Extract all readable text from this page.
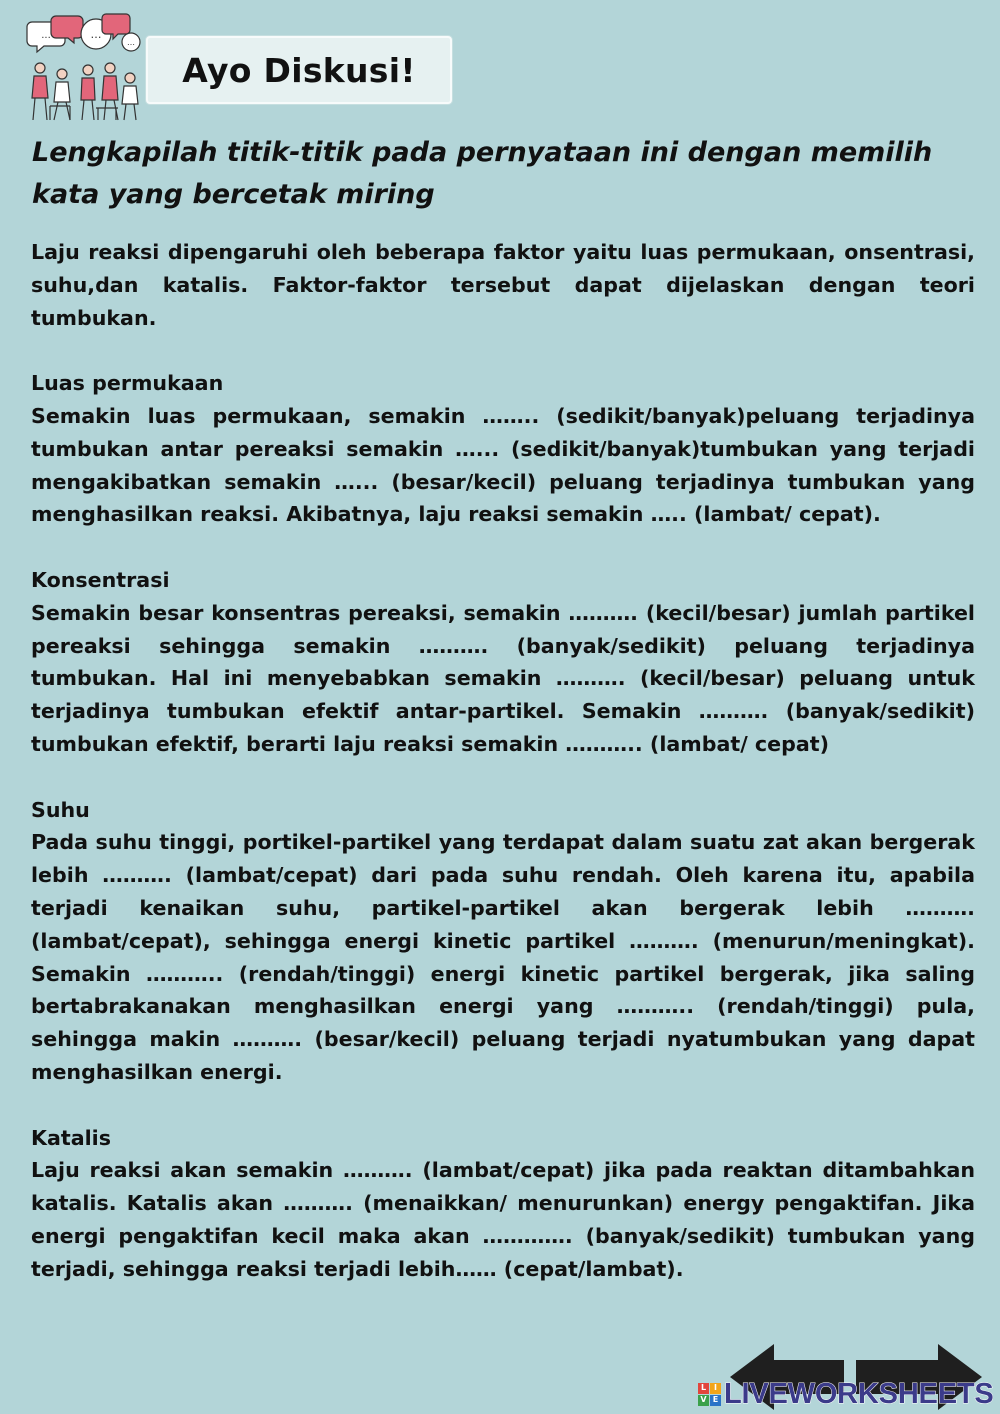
...	…
…
Ayo Diskusi!
Lengkapilah titik-titik pada pernyataan ini dengan memilih kata yang bercetak miring

Laju reaksi dipengaruhi oleh beberapa faktor yaitu luas permukaan, onsentrasi, suhu,dan katalis. Faktor-faktor tersebut dapat dijelaskan dengan teori tumbukan.

Luas permukaan

Semakin luas permukaan, semakin …….. (sedikit/banyak)peluang terjadinya tumbukan antar pereaksi semakin …... (sedikit/banyak)tumbukan yang terjadi mengakibatkan semakin …... (besar/kecil) peluang terjadinya tumbukan yang menghasilkan reaksi. Akibatnya, laju reaksi semakin ….. (lambat/ cepat).

Konsentrasi

Semakin besar konsentras pereaksi, semakin ………. (kecil/besar) jumlah partikel pereaksi sehingga semakin ………. (banyak/sedikit) peluang terjadinya tumbukan. Hal ini menyebabkan semakin ………. (kecil/besar) peluang untuk terjadinya tumbukan efektif antar-partikel. Semakin ………. (banyak/sedikit) tumbukan efektif, berarti laju reaksi semakin ……….. (lambat/ cepat)

Suhu

Pada suhu tinggi, portikel-partikel yang terdapat dalam suatu zat akan bergerak lebih ………. (lambat/cepat) dari pada suhu rendah. Oleh karena itu, apabila terjadi kenaikan suhu, partikel-partikel akan bergerak lebih ………. (lambat/cepat), sehingga energi kinetic partikel ………. (menurun/meningkat). Semakin ……….. (rendah/tinggi) energi kinetic partikel bergerak, jika saling bertabrakanakan menghasilkan energi yang ……….. (rendah/tinggi) pula, sehingga makin ………. (besar/kecil) peluang terjadi nyatumbukan yang dapat menghasilkan energi.

Katalis

Laju reaksi akan semakin ………. (lambat/cepat) jika pada reaktan ditambahkan katalis. Katalis akan ………. (menaikkan/ menurunkan) energy pengaktifan. Jika energi pengaktifan kecil maka akan …………. (banyak/sedikit) tumbukan yang terjadi, sehingga reaksi terjadi lebih…… (cepat/lambat).

L I
V E LIVEWORKSHEETS
